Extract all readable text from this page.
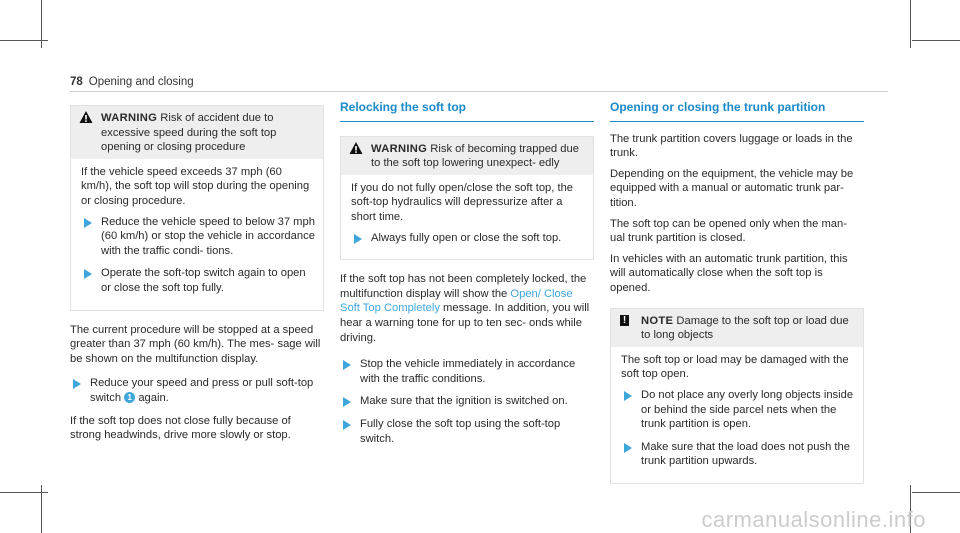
78 Opening and closing
WARNING Risk of accident due to excessive speed during the soft top opening or closing procedure

If the vehicle speed exceeds 37 mph (60 km/h), the soft top will stop during the opening or closing procedure.

Reduce the vehicle speed to below 37 mph (60 km/h) or stop the vehicle in accordance with the traffic condi- tions.
Operate the soft-top switch again to open or close the soft top fully.

The current procedure will be stopped at a speed greater than 37 mph (60 km/h). The mes- sage will be shown on the multifunction display.

Reduce your speed and press or pull soft-top switch 1 again.

If the soft top does not close fully because of strong headwinds, drive more slowly or stop.

Relocking the soft top
WARNING Risk of becoming trapped due to the soft top lowering unexpect- edly

If you do not fully open/close the soft top, the soft-top hydraulics will depressurize after a short time.

Always fully open or close the soft top.

If the soft top has not been completely locked, the multifunction display will show the Open/ Close Soft Top Completely message. In addition, you will hear a warning tone for up to ten sec- onds while driving.

Stop the vehicle immediately in accordance with the traffic conditions.
Make sure that the ignition is switched on.
Fully close the soft top using the soft-top switch.
Opening or closing the trunk partition

The trunk partition covers luggage or loads in the trunk.

Depending on the equipment, the vehicle may be equipped with a manual or automatic trunk par- tition.

The soft top can be opened only when the man- ual trunk partition is closed.

In vehicles with an automatic trunk partition, this will automatically close when the soft top is opened.

! NOTE Damage to the soft top or load due to long objects

The soft top or load may be damaged with the soft top open.

Do not place any overly long objects inside or behind the side parcel nets when the trunk partition is open.
Make sure that the load does not push the trunk partition upwards.
carmanualsonline.info
